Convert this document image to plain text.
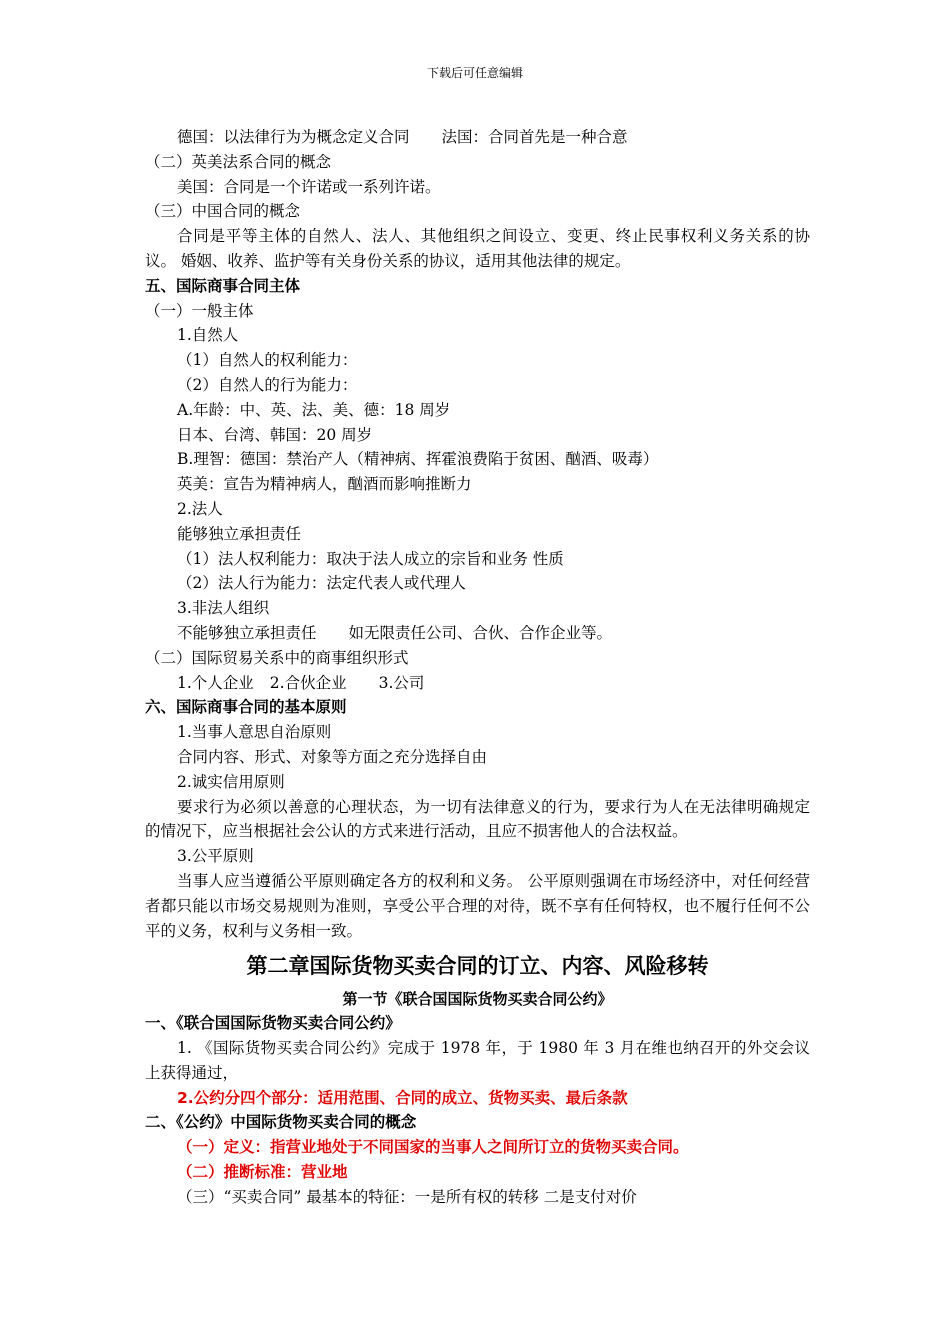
下载后可任意编辑

德国：以法律行为为概念定义合同 法国：合同首先是一种合意

（二）英美法系合同的概念

美国：合同是一个许诺或一系列许诺。

（三）中国合同的概念

合同是平等主体的自然人、法人、其他组织之间设立、变更、终止民事权利义务关系的协议。 婚姻、收养、监护等有关身份关系的协议，适用其他法律的规定。

五、国际商事合同主体

（一）一般主体

1.自然人

（1）自然人的权利能力：

（2）自然人的行为能力：

A.年龄：中、英、法、美、德：18 周岁

日本、台湾、韩国：20 周岁

B.理智：德国：禁治产人（精神病、挥霍浪费陷于贫困、酗酒、吸毒）

英美：宣告为精神病人，酗酒而影响推断力

2.法人

能够独立承担责任

（1）法人权利能力：取决于法人成立的宗旨和业务 性质

（2）法人行为能力：法定代表人或代理人

3.非法人组织

不能够独立承担责任 如无限责任公司、合伙、合作企业等。

（二）国际贸易关系中的商事组织形式

1.个人企业 2.合伙企业 3.公司

六、国际商事合同的基本原则

1.当事人意思自治原则

合同内容、形式、对象等方面之充分选择自由

2.诚实信用原则

要求行为必须以善意的心理状态，为一切有法律意义的行为，要求行为人在无法律明确规定的情况下，应当根据社会公认的方式来进行活动，且应不损害他人的合法权益。

3.公平原则

当事人应当遵循公平原则确定各方的权利和义务。 公平原则强调在市场经济中，对任何经营者都只能以市场交易规则为准则，享受公平合理的对待，既不享有任何特权，也不履行任何不公平的义务，权利与义务相一致。

第二章国际货物买卖合同的订立、内容、风险移转
第一节《联合国国际货物买卖合同公约》

一、《联合国国际货物买卖合同公约》

1. 《国际货物买卖合同公约》完成于 1978 年，于 1980 年 3 月在维也纳召开的外交会议上获得通过，

2.公约分四个部分：适用范围、合同的成立、货物买卖、最后条款

二、《公约》中国际货物买卖合同的概念

（一）定义：指营业地处于不同国家的当事人之间所订立的货物买卖合同。

（二）推断标准：营业地

（三）“买卖合同” 最基本的特征：一是所有权的转移 二是支付对价
